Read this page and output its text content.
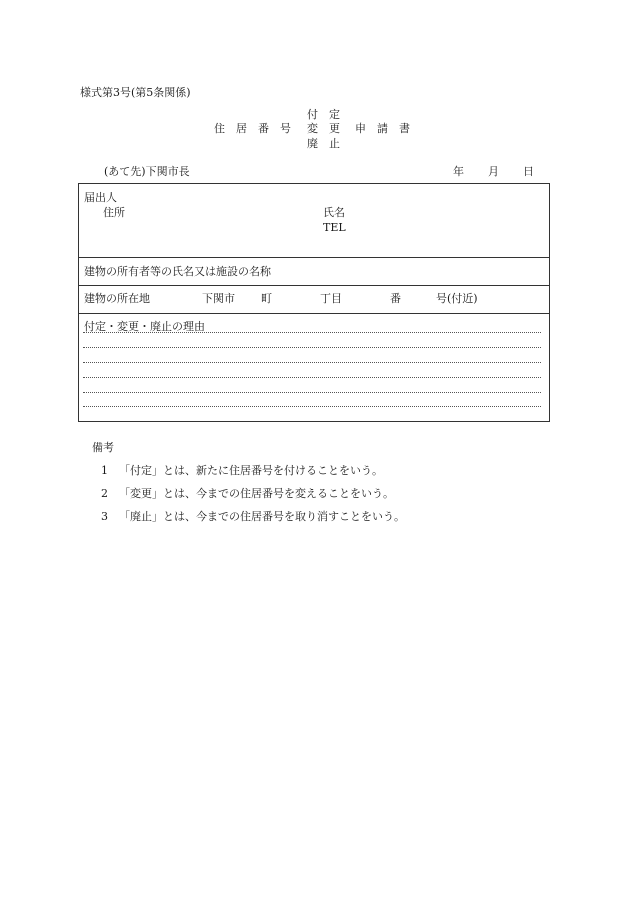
様式第3号(第5条関係)
住　居　番　号
付　定
変　更
廃　止
申　請　書
(あて先)下関市長	年 月 日
届出人
住所	氏名
TEL
建物の所有者等の氏名又は施設の名称
建物の所在地	下関市 町	丁目	番	号(付近)
付定・変更・廃止の理由
備考
1 「付定」とは、新たに住居番号を付けることをいう。
2 「変更」とは、今までの住居番号を変えることをいう。
3 「廃止」とは、今までの住居番号を取り消すことをいう。
